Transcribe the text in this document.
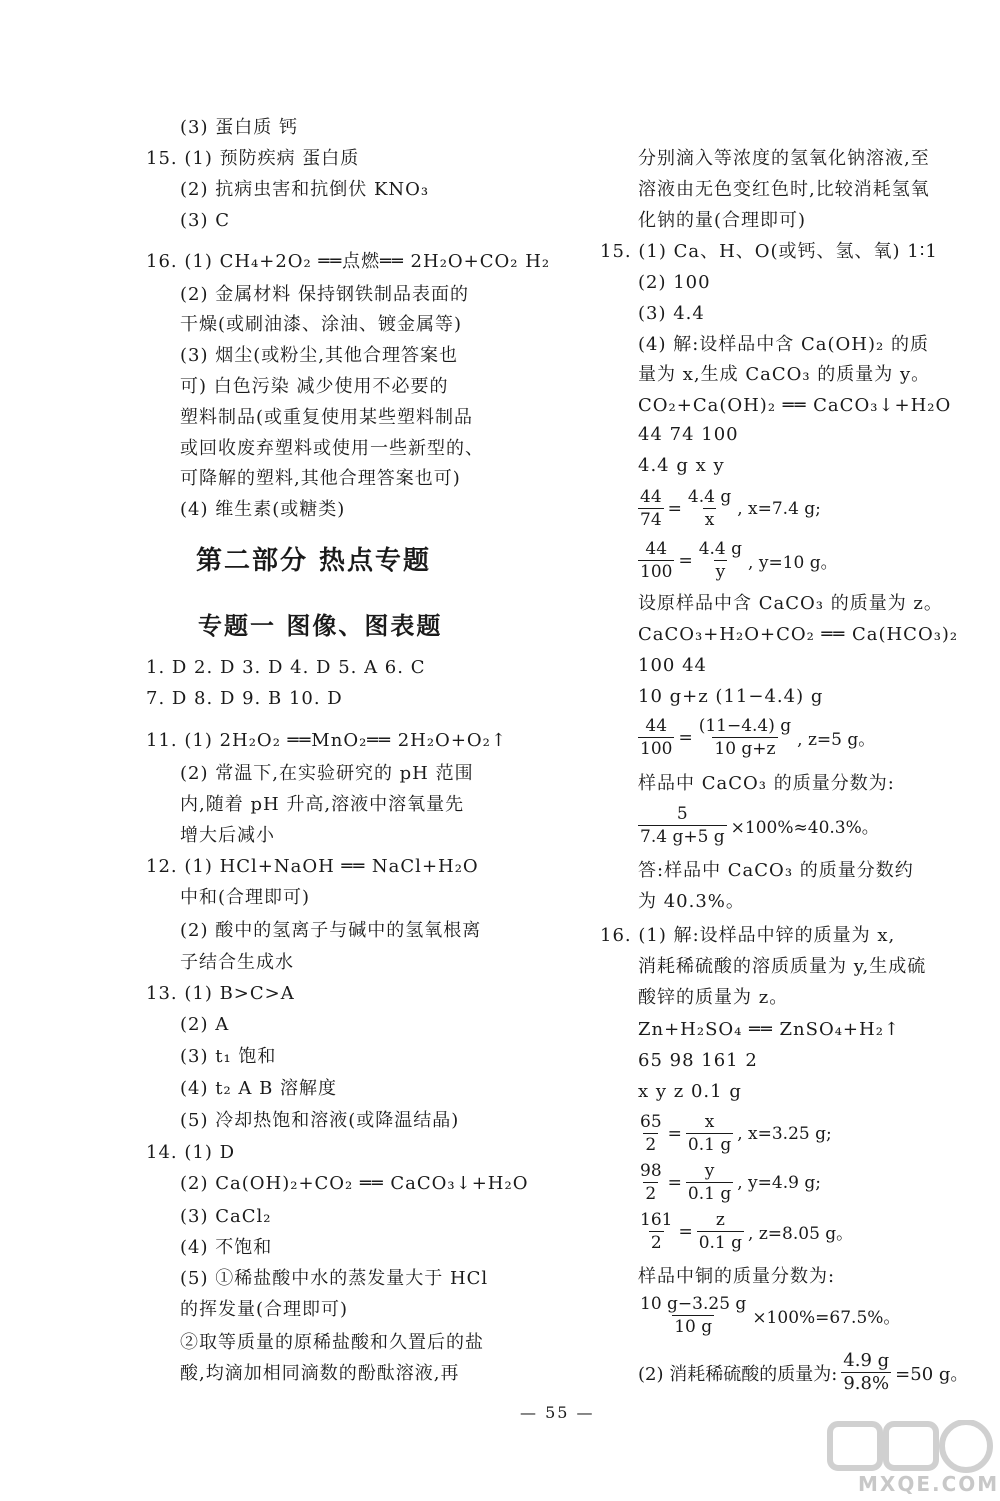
(3) 蛋白质 钙
15. (1) 预防疾病 蛋白质
(2) 抗病虫害和抗倒伏 KNO₃
(3) C
16. (1) CH₄+2O₂ ══点燃══ 2H₂O+CO₂ H₂
(2) 金属材料 保持钢铁制品表面的
干燥(或刷油漆、涂油、镀金属等)
(3) 烟尘(或粉尘,其他合理答案也
可) 白色污染 减少使用不必要的
塑料制品(或重复使用某些塑料制品
或回收废弃塑料或使用一些新型的、
可降解的塑料,其他合理答案也可)
(4) 维生素(或糖类)
第二部分 热点专题
专题一 图像、图表题
1. D 2. D 3. D 4. D 5. A 6. C
7. D 8. D 9. B 10. D
11. (1) 2H₂O₂ ══MnO₂══ 2H₂O+O₂↑
(2) 常温下,在实验研究的 pH 范围
内,随着 pH 升高,溶液中溶氧量先
增大后减小
12. (1) HCl+NaOH ══ NaCl+H₂O
中和(合理即可)
(2) 酸中的氢离子与碱中的氢氧根离
子结合生成水
13. (1) B>C>A
(2) A
(3) t₁ 饱和
(4) t₂ A B 溶解度
(5) 冷却热饱和溶液(或降温结晶)
14. (1) D
(2) Ca(OH)₂+CO₂ ══ CaCO₃↓+H₂O
(3) CaCl₂
(4) 不饱和
(5) ①稀盐酸中水的蒸发量大于 HCl
的挥发量(合理即可)
②取等质量的原稀盐酸和久置后的盐
酸,均滴加相同滴数的酚酞溶液,再
分别滴入等浓度的氢氧化钠溶液,至
溶液由无色变红色时,比较消耗氢氧
化钠的量(合理即可)
15. (1) Ca、H、O(或钙、氢、氧) 1∶1
(2) 100
(3) 4.4
(4) 解:设样品中含 Ca(OH)₂ 的质
量为 x,生成 CaCO₃ 的质量为 y。
CO₂+Ca(OH)₂ ══ CaCO₃↓+H₂O
44 74 100
4.4 g x y
$\frac{44}{74} = \frac{4.4 g}{x}$ , x=7.4 g;
$\frac{44}{100} = \frac{4.4 g}{y}$ , y=10 g。
设原样品中含 CaCO₃ 的质量为 z。
CaCO₃+H₂O+CO₂ ══ Ca(HCO₃)₂
100 44
10 g+z (11−4.4) g
$\frac{44}{100} = \frac{(11-4.4) g}{10 g+z}$ , z=5 g。
样品中 CaCO₃ 的质量分数为:
$\frac{5}{7.4 g+5 g} \times 100\%\approx 40.3\%$。
答:样品中 CaCO₃ 的质量分数约
为 40.3%。
16. (1) 解:设样品中锌的质量为 x,
消耗稀硫酸的溶质质量为 y,生成硫
酸锌的质量为 z。
Zn+H₂SO₄ ══ ZnSO₄+H₂↑
65 98 161 2
x y z 0.1 g
$\frac{65}{2} = \frac{x}{0.1 g}$ , x=3.25 g;
$\frac{98}{2} = \frac{y}{0.1 g}$ , y=4.9 g;
$\frac{161}{2} = \frac{z}{0.1 g}$ , z=8.05 g。
样品中铜的质量分数为:
$\frac{10 g-3.25 g}{10 g} \times 100\%=67.5\%$。
(2) 消耗稀硫酸的质量为: $\frac{4.9 g}{9.8\%} =50$ g。
— 55 —
MXQE.COM
